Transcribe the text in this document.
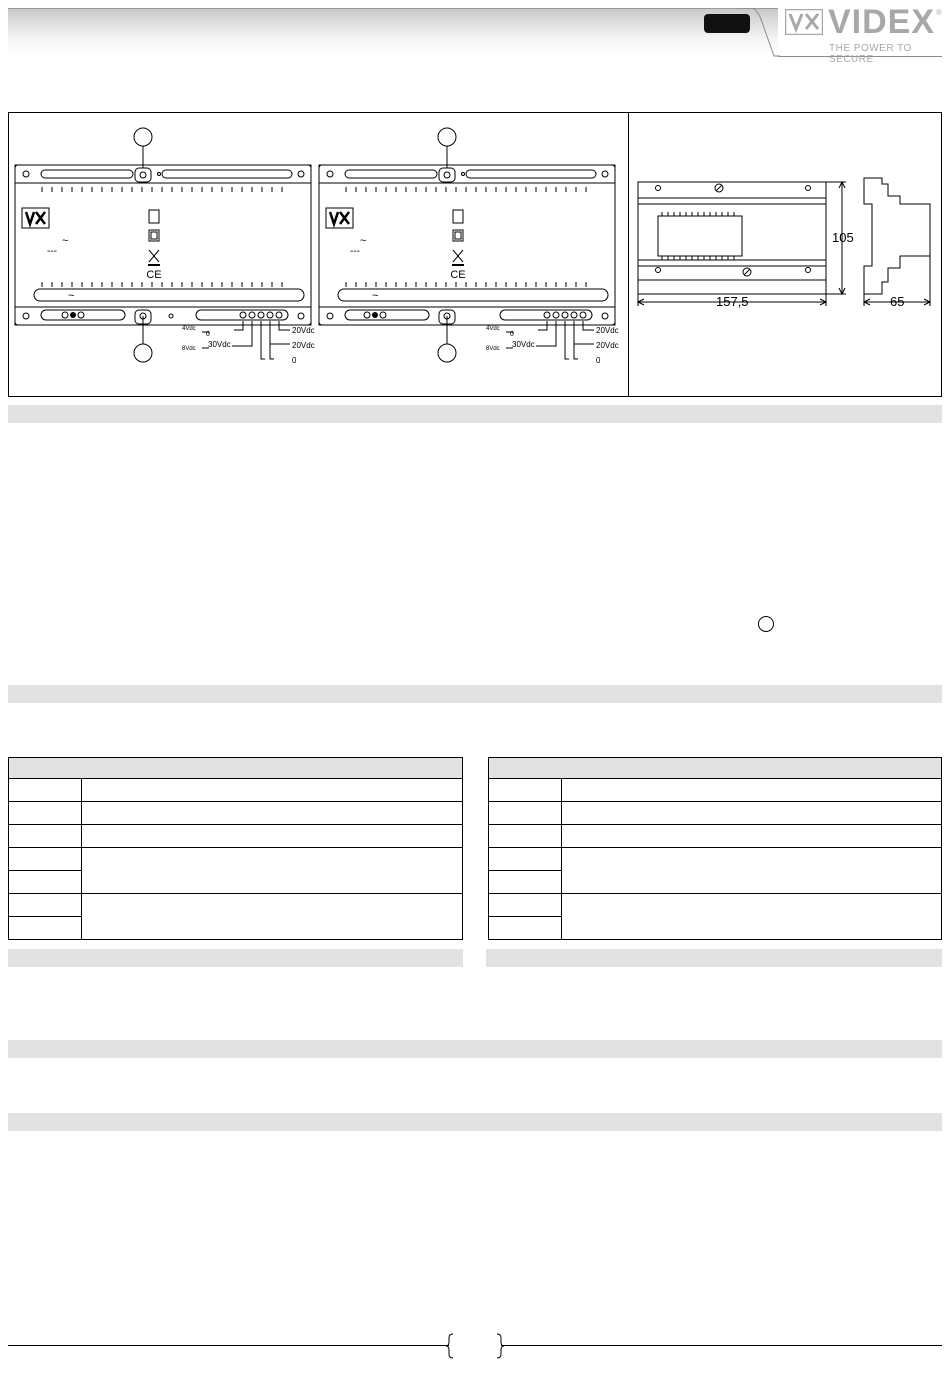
VIDEX ®
THE POWER TO SECURE
CE
~
---
~
4Vdc
0
8Vdc 30Vdc
20Vdc
20Vdc
0
CE
~
---
~
4Vdc
0
8Vdc 30Vdc
20Vdc
20Vdc
0
105
157,5	65
